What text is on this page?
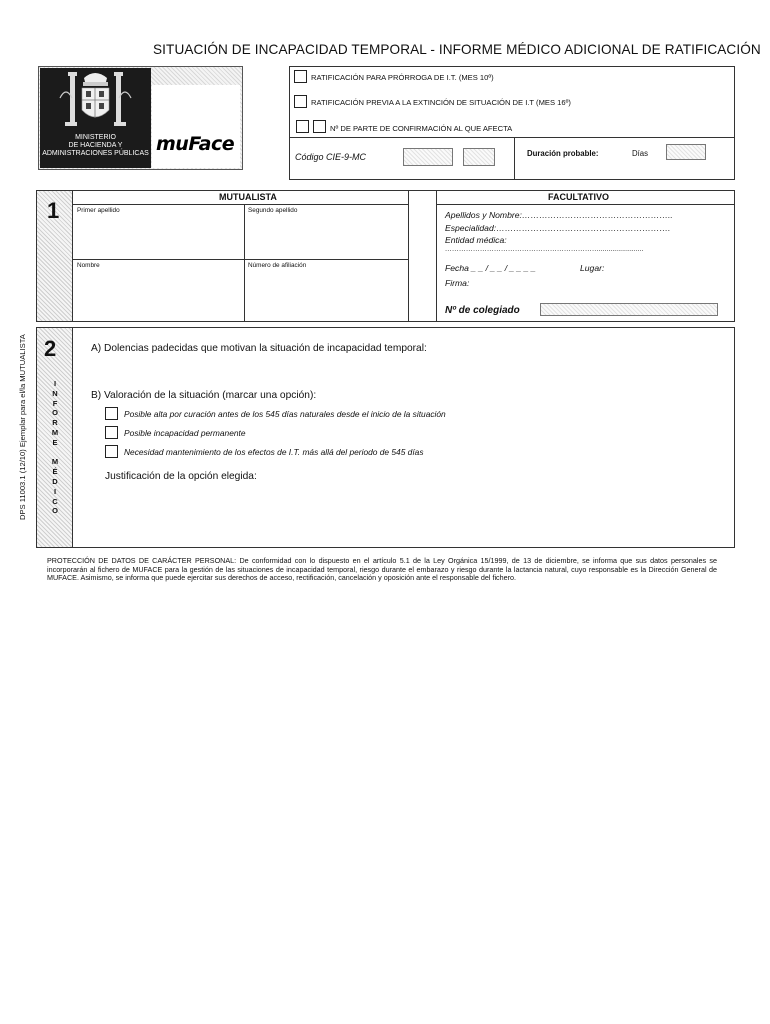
SITUACIÓN DE INCAPACIDAD TEMPORAL - INFORME MÉDICO ADICIONAL DE RATIFICACIÓN
MINISTERIO
DE HACIENDA Y
ADMINISTRACIONES PÚBLICAS muFace
RATIFICACIÓN PARA PRÓRROGA DE I.T. (MES 10º)
RATIFICACIÓN PREVIA A LA EXTINCIÓN DE SITUACIÓN DE I.T (MES 16º)
Nº DE PARTE DE CONFIRMACIÓN AL QUE AFECTA
Código CIE-9-MC	Duración probable:	Días
1
MUTUALISTA
Primer apellido	Segundo apellido
Nombre	Número de afiliación
FACULTATIVO
Apellidos y Nombre:……………………………………………..
Especialidad:…………………………………………………….
Entidad médica:
………………………………………………………….......................
Fecha _ _ / _ _ / _ _ _ _	Lugar:
Firma:
Nº de colegiado
2
I
N
F
O
R
M
E
M
É
D
I
C
O
A) Dolencias padecidas que motivan la situación de incapacidad temporal:
B) Valoración de la situación (marcar una opción):
Posible alta por curación antes de los 545 días naturales desde el inicio de la situación
Posible incapacidad permanente
Necesidad mantenimiento de los efectos de I.T. más allá del periodo de 545 días
Justificación de la opción elegida:
DPS 11003.1 (12/10) Ejemplar para el/la MUTUALISTA
PROTECCIÓN DE DATOS DE CARÁCTER PERSONAL: De conformidad con lo dispuesto en el artículo 5.1 de la Ley Orgánica 15/1999, de 13 de diciembre, se informa que sus datos personales se incorporarán al fichero de MUFACE para la gestión de las situaciones de incapacidad temporal, riesgo durante el embarazo y riesgo durante la lactancia natural, cuyo responsable es la Dirección General de MUFACE. Asimismo, se informa que puede ejercitar sus derechos de acceso, rectificación, cancelación y oposición ante el responsable del fichero.
